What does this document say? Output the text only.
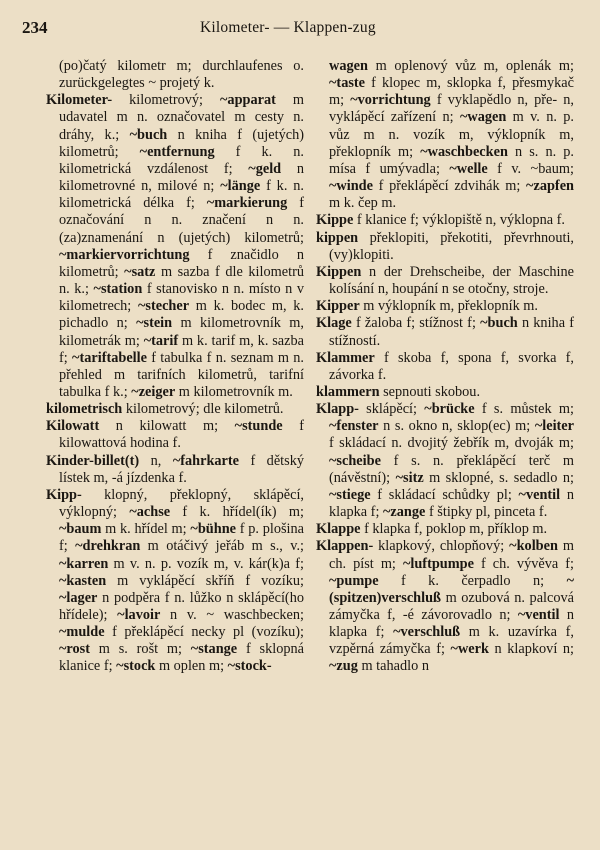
234	Kilometer- — Klappen-zug

(po)čatý kilometr m; durchlaufenes o. zurückgelegtes ~ projetý k.

Kilometer- kilometrový; ~apparat m udavatel m n. označovatel m cesty n. dráhy, k.; ~buch n kniha f (ujetých) kilometrů; ~entfernung f k. n. kilometrická vzdálenost f; ~geld n kilometrovné n, milové n; ~länge f k. n. kilometrická délka f; ~markierung f označování n n. značení n n.(za)znamenání n (ujetých) kilometrů; ~markiervorrichtung f značidlo n kilometrů; ~satz m sazba f dle kilometrů n. k.; ~station f stanovisko n n. místo n v kilometrech; ~stecher m k. bodec m, k. pichadlo n; ~stein m kilometrovník m, kilometrák m; ~tarif m k. tarif m, k. sazba f; ~tariftabelle f tabulka f n. seznam m n. přehled m tarifních kilometrů, tarifní tabulka f k.; ~zeiger m kilometrovník m.

kilometrisch kilometrový; dle kilometrů.

Kilowatt n kilowatt m; ~stunde f kilowattová hodina f.

Kinder-billet(t) n, ~fahrkarte f dětský lístek m, -á jízdenka f.

Kipp- klopný, překlopný, sklápěcí, výklopný; ~achse f k. hřídel(ík) m; ~baum m k. hřídel m; ~bühne f p. plošina f; ~drehkran m otáčivý jeřáb m s., v.; ~karren m v. n. p. vozík m, v. kár(k)a f; ~kasten m vyklápěcí skříň f vozíku; ~lager n podpěra f n. lůžko n sklápěcí(ho hřídele); ~lavoir n v. ~ waschbecken; ~mulde f překlápěcí necky pl (vozíku); ~rost m s. rošt m; ~stange f sklopná klanice f; ~stock m oplen m; ~stock-

wagen m oplenový vůz m, oplenák m; ~taste f klopec m, sklopka f, přesmykač m; ~vorrichtung f vyklapědlo n, pře- n, vyklápěcí zařízení n; ~wagen m v. n. p. vůz m n. vozík m, výklopník m, překlopník m; ~waschbecken n s. n. p. mísa f umývadla; ~welle f v. ~baum; ~winde f překlápěcí zdvihák m; ~zapfen m k. čep m.

Kippe f klanice f; výklopiště n, výklopna f.

kippen překlopiti, překotiti, převrhnouti, (vy)klopiti.

Kippen n der Drehscheibe, der Maschine kolísání n, houpání n se otočny, stroje.

Kipper m výklopník m, překlopník m.

Klage f žaloba f; stížnost f; ~buch n kniha f stížností.

Klammer f skoba f, spona f, svorka f, závorka f.

klammern sepnouti skobou.

Klapp- sklápěcí; ~brücke f s. můstek m; ~fenster n s. okno n, sklop(ec) m; ~leiter f skládací n. dvojitý žebřík m, dvoják m; ~scheibe f s. n. překlápěcí terč m (návěstní); ~sitz m sklopné, s. sedadlo n; ~stiege f skládací schůdky pl; ~ventil n klapka f; ~zange f štipky pl, pinceta f.

Klappe f klapka f, poklop m, příklop m.

Klappen- klapkový, chlopňový; ~kolben m ch. píst m; ~luftpumpe f ch. vývěva f; ~pumpe f k. čerpadlo n; ~(spitzen)verschluß m ozubová n. palcová zámyčka f, -é závorovadlo n; ~ventil n klapka f; ~verschluß m k. uzavírka f, vzpěrná zámyčka f; ~werk n klapkoví n; ~zug m tahadlo n
